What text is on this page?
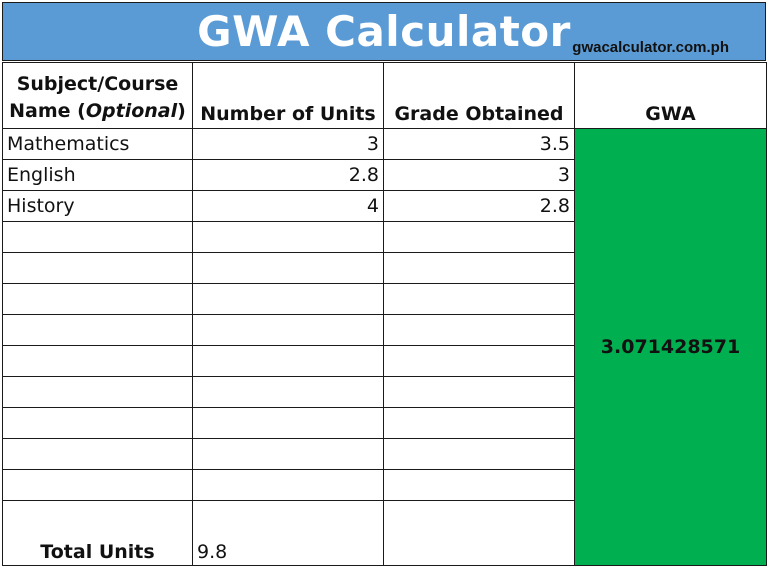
GWA Calculator gwacalculator.com.ph
Subject/Course
Name (Optional)	Number of Units	Grade Obtained	GWA
Mathematics	3	3.5	3.071428571
English	2.8	3	
History	4	2.8	

Total Units	9.8		
